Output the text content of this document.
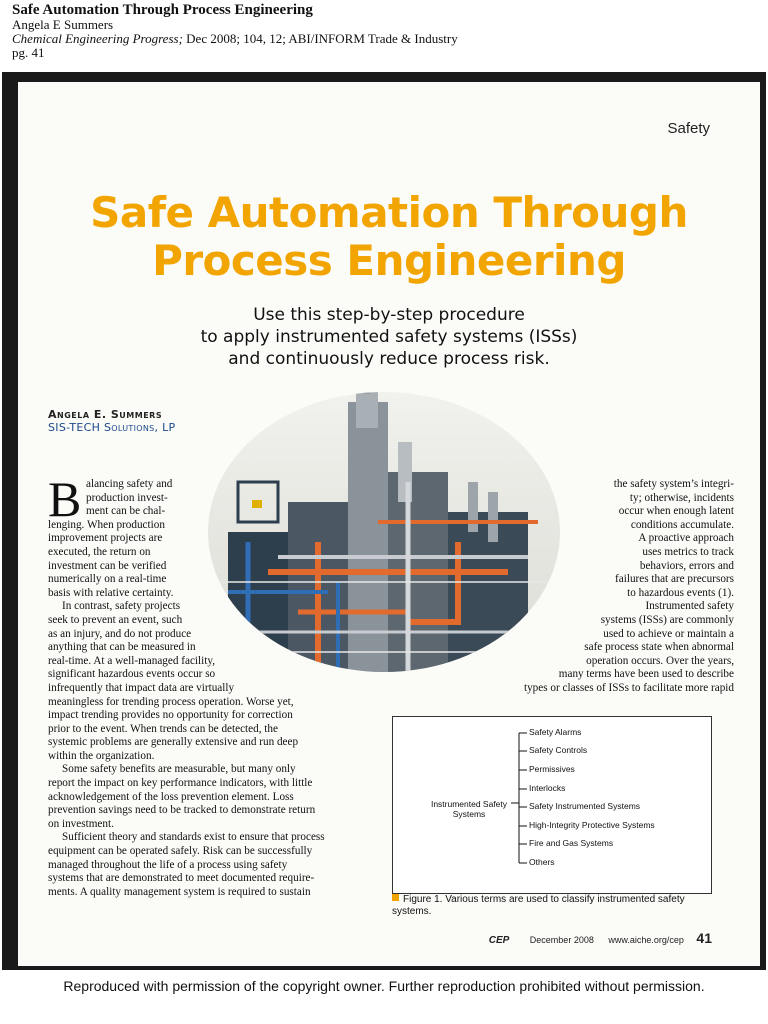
Safe Automation Through Process Engineering
Angela E Summers
Chemical Engineering Progress; Dec 2008; 104, 12; ABI/INFORM Trade & Industry
pg. 41
Safety
Safe Automation Through
Process Engineering
Use this step-by-step procedure
to apply instrumented safety systems (ISSs)
and continuously reduce process risk.
Angela E. Summers
SIS-TECH Solutions, LP
B alancing safety and
production invest-
ment can be chal-
lenging. When production
improvement projects are
executed, the return on
investment can be verified
numerically on a real-time
basis with relative certainty.
In contrast, safety projects
seek to prevent an event, such
as an injury, and do not produce
anything that can be measured in
real-time. At a well-managed facility,
significant hazardous events occur so
infrequently that impact data are virtually
meaningless for trending process operation. Worse yet,
impact trending provides no opportunity for correction
prior to the event. When trends can be detected, the
systemic problems are generally extensive and run deep
within the organization.
Some safety benefits are measurable, but many only
report the impact on key performance indicators, with little
acknowledgement of the loss prevention element. Loss
prevention savings need to be tracked to demonstrate return
on investment.
Sufficient theory and standards exist to ensure that process
equipment can be operated safely. Risk can be successfully
managed throughout the life of a process using safety
systems that are demonstrated to meet documented require-
ments. A quality management system is required to sustain
the safety system’s integri-
ty; otherwise, incidents
occur when enough latent
conditions accumulate.
A proactive approach
uses metrics to track
behaviors, errors and
failures that are precursors
to hazardous events (1).
Instrumented safety
systems (ISSs) are commonly
used to achieve or maintain a
safe process state when abnormal
operation occurs. Over the years,
many terms have been used to describe
types or classes of ISSs to facilitate more rapid
Instrumented Safety Systems
Safety Alarms
Safety Controls
Permissives
Interlocks
Safety Instrumented Systems
High-Integrity Protective Systems
Fire and Gas Systems
Others
Figure 1. Various terms are used to classify instrumented safety systems.
CEP December 2008 www.aiche.org/cep 41
Reproduced with permission of the copyright owner. Further reproduction prohibited without permission.
